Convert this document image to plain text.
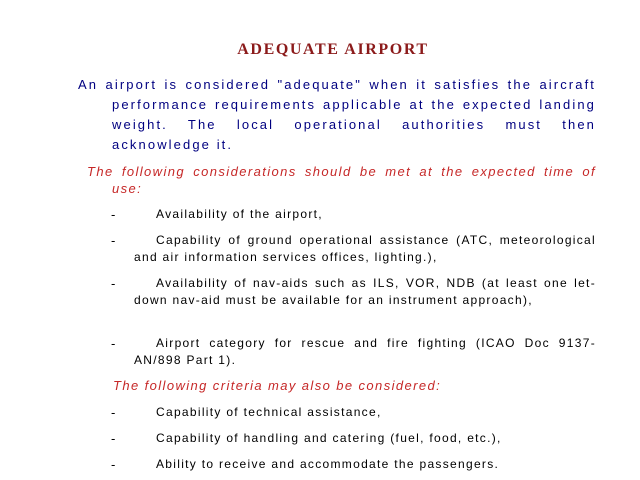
ADEQUATE AIRPORT

An airport is considered "adequate" when it satisfies the aircraft performance requirements applicable at the expected landing weight. The local operational authorities must then acknowledge it.

The following considerations should be met at the expected time of use:

-	Availability of the airport,

-	Capability of ground operational assistance (ATC, meteorological and air information services offices, lighting.),

-	Availability of nav-aids such as ILS, VOR, NDB (at least one let-down nav-aid must be available for an instrument approach),

-	Airport category for rescue and fire fighting (ICAO Doc 9137-AN/898 Part 1).

The following criteria may also be considered:

-	Capability of technical assistance,

-	Capability of handling and catering (fuel, food, etc.),

-	Ability to receive and accommodate the passengers.
